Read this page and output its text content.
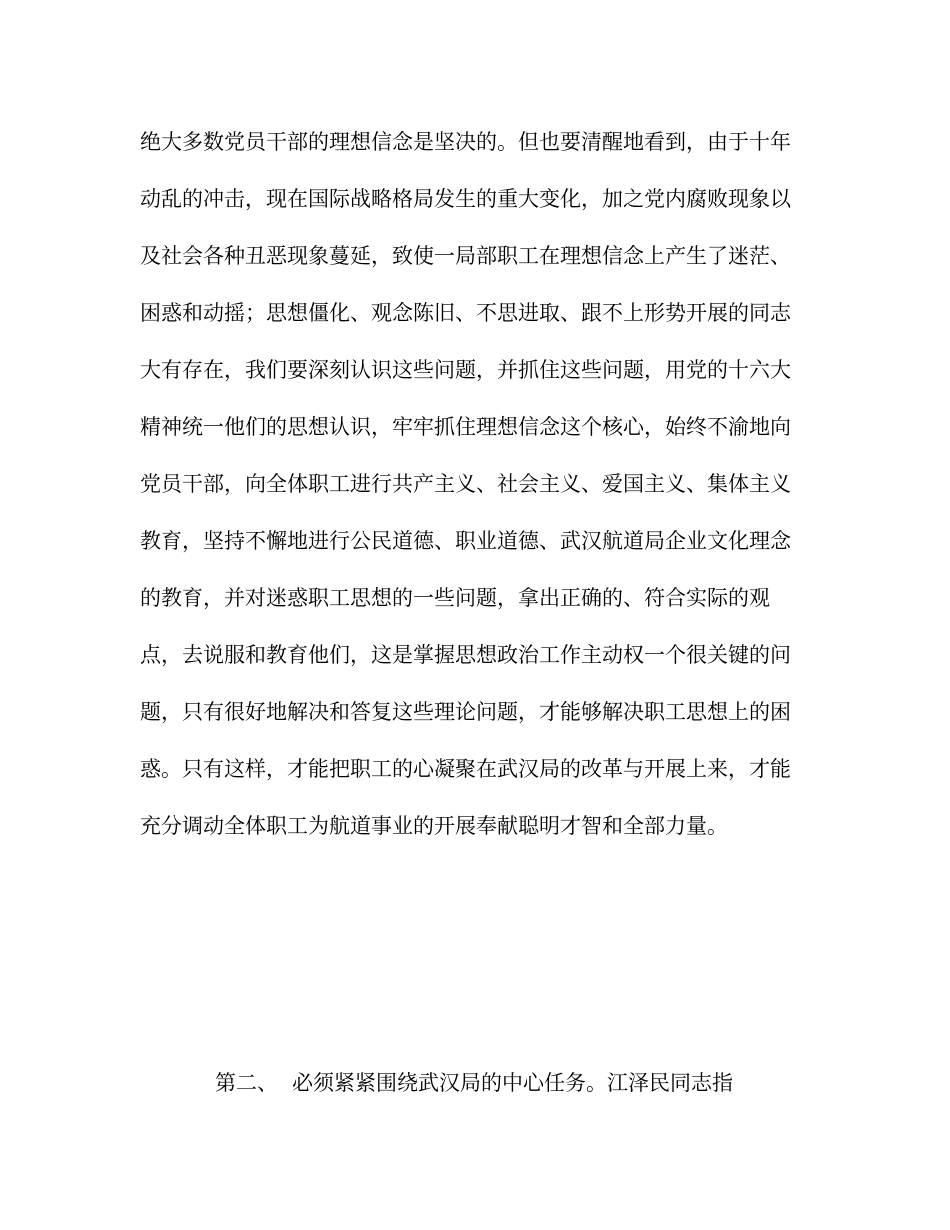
绝大多数党员干部的理想信念是坚决的。但也要清醒地看到，由于十年
动乱的冲击，现在国际战略格局发生的重大变化，加之党内腐败现象以
及社会各种丑恶现象蔓延，致使一局部职工在理想信念上产生了迷茫、
困惑和动摇；思想僵化、观念陈旧、不思进取、跟不上形势开展的同志
大有存在，我们要深刻认识这些问题，并抓住这些问题，用党的十六大
精神统一他们的思想认识，牢牢抓住理想信念这个核心，始终不渝地向
党员干部，向全体职工进行共产主义、社会主义、爱国主义、集体主义
教育，坚持不懈地进行公民道德、职业道德、武汉航道局企业文化理念
的教育，并对迷惑职工思想的一些问题，拿出正确的、符合实际的观
点，去说服和教育他们，这是掌握思想政治工作主动权一个很关键的问
题，只有很好地解决和答复这些理论问题，才能够解决职工思想上的困
惑。只有这样，才能把职工的心凝聚在武汉局的改革与开展上来，才能
充分调动全体职工为航道事业的开展奉献聪明才智和全部力量。
第二、 必须紧紧围绕武汉局的中心任务。江泽民同志指
